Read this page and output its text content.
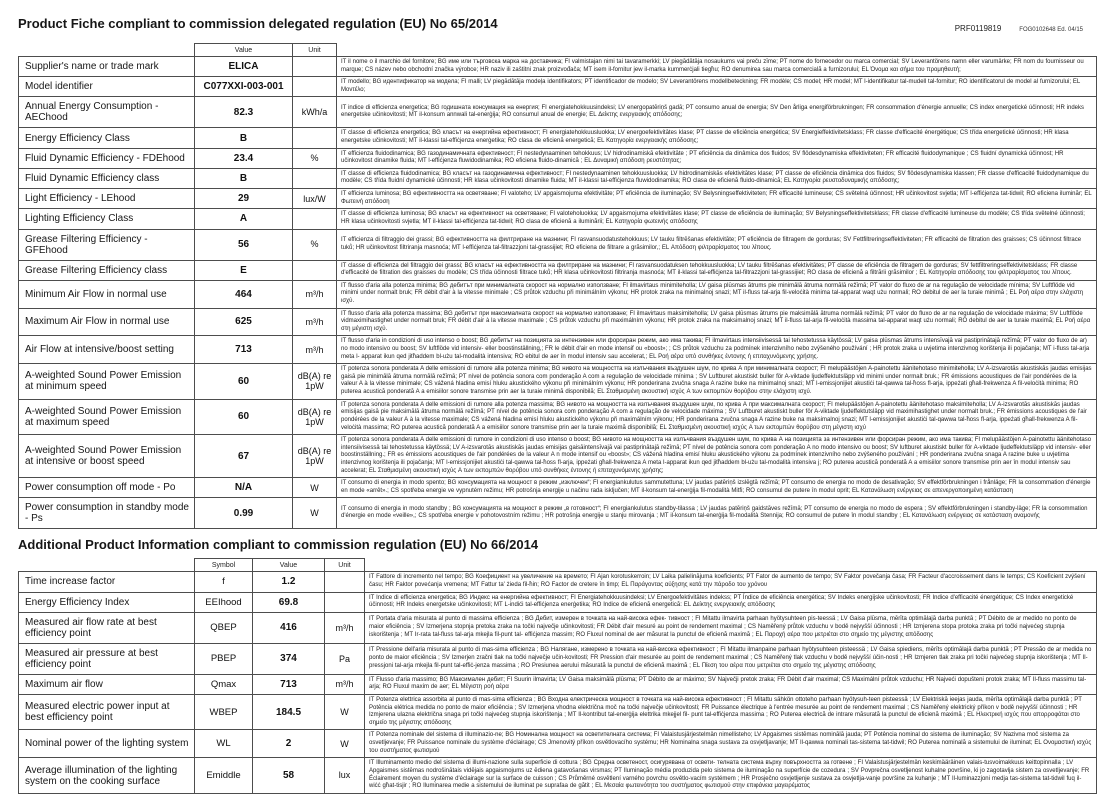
Product Fiche compliant to commission delegated regulation (EU) No 65/2014	PRF0119819	FOG0102648 Ed. 04/15
	Value	Unit	
Supplier's name or trade mark	ELICA		IT il nome o il marchio del fornitore; BG име или търговска марка на доставчика; FI valmistajan nimi tai tavaramerkki; LV piegādātāja nosaukums vai preču zīme; PT nome do fornecedor ou marca comercial; SV Leverantörens namn eller varumärke; FR nom du fournisseur ou marque; CS název nebo obchodní značka výrobce; HR naziv ili zaštitni znak proizvođača; MT isem il-fornitur jew il-marka kummerċjali tiegħu; RO denumirea sau marca comercială a furnizorului; EL Όνομα και σήμα του προμηθευτή;
Model identifier	C077XXI-003-001		IT modello; BG идентификатор на модела; FI malli; LV piegādātāja modeļa identifikators; PT identificador de modelo; SV Leverantörens modellbeteckning; FR modèle; CS model; HR model; MT l-identifikatur tal-mudell tal-fornitur; RO identificatorul de model al furnizorului; EL Μοντέλο;
Annual Energy Consumption - AEChood	82.3	kWh/a	IT indice di efficienza energetica; BG годишната консумация на енергия; FI energiatehokkuusindeksi; LV energopatēriņš gadā; PT consumo anual de energia; SV Den årliga energiförbrukningen; FR consommation d'énergie annuelle; CS index energetické účinnosti; HR indeks energetske učinkovitosti; MT il-konsum annwali tal-enerġija; RO consumul anual de energie; EL Δείκτης ενεργειακής απόδοσης;
Energy Efficiency Class	B		IT classe di efficienza energetica; BG класът на енергийна ефективност; FI energiatehokkuusluokka; LV energoefektivitātes klase; PT classe de eficiência energética; SV Energieffektivitetsklass; FR classe d'efficacité énergétique; CS třída energetické účinnosti; HR klasa energetske učinkovitosti; MT il-klassi tal-effiċjenza enerġetika; RO clasa de eficienă energetică; EL Κατηγορία ενεργειακής απόδοσης;
Fluid Dynamic Efficiency - FDEhood	23.4	%	IT efficienza fluidodinamica; BG газодинамичната ефективност; FI nestedynaaminen tehokkuus; LV hidrodinamiskā efektivitāte ; PT eficiência da dinâmica dos fluidos; SV flödesdynamiska effektiviteten; FR efficacité fluidodymanique ; CS fluidní dynamická účinnost; HR učinkovitost dinamike fluida; MT l-effiċjenza fluwidodinamika; RO eficiena fluido-dinamică ; EL Δυναμική απόδοση ρευστότητας;
Fluid Dynamic Efficiency class	B		IT classe di efficienza fluidodinamica; BG класът на газодинамична ефективност; FI nestedynaaminen tehokkuusluokka; LV hidrodinamiskās efektivitātes klase; PT classe de eficiência dinâmica dos fluidos; SV flödesdynamiska klassen; FR classe d'efficacité fluidodynamique du modèle; CS třída fluidní dynamické účinnosti; HR klasa učinkovitosti dinamike fluida; MT il-klassi tal-effiċjenza fluwidodinamika; RO clasa de eficienă fluido-dinamică; EL Κατηγορία ρευστοδυναμικής απόδοσης;
Light Efficiency - LEhood	29	lux/W	IT efficienza luminosa; BG ефективността на осветяване; FI valoteho; LV apgaismojuma efektivitāte; PT eficiência de iluminação; SV Belysningseffektiviteten; FR efficacité lumineuse; CS světelná účinnost; HR učinkovitost svjetla; MT l-effiċjenza tat-tidwil; RO eficiena iluminăr; EL Φωτεινή απόδοση
Lighting Efficiency Class	A		IT classe di efficienza luminosa; BG класът на ефективност на осветяване; FI valoteholuokka; LV apgaismojuma efektivitātes klase; PT classe de eficiência de iluminação; SV Belysningseffektivitetsklass; FR classe d'efficacité lumineuse du modèle; CS třída světelné účinnosti; HR klasa učinkovitosti svjetla; MT il-klassi tal-effiċjenza tat-tidwil; RO clasa de eficienă a iluminării; EL Κατηγορία φωτεινής απόδοσης
Grease Filtering Efficiency - GFEhood	56	%	IT efficienza di filtraggio dei grassi; BG ефективността на филтриране на мазнини; FI rasvansuodatustehokkuus; LV tauku filtrēšanas efektivitāte; PT eficiência de filtragem de gorduras; SV Fettfiltreringseffektiviteten; FR efficacité de filtration des graisses; CS účinnost filtrace tuků; HR učinkovitost filtriranja masnoća; MT l-effiċjenza tal-filtrazzjoni tal-grassijiet; RO eficiena de filtrare a grăsimilor,; EL Απόδοση φιλτραρίσματος του λίπους.
Grease Filtering Efficiency class	E		IT classe di efficienza del filtraggio dei grassi; BG класът на ефективността на филтриране на мазнини; FI rasvansuodatuksen tehokkuusluokka; LV tauku filtrēšanas efektivitātes; PT classe de eficiência de filtragem de gorduras; SV fettfiltreringseffektivitetsklass; FR classe d'efficacité de filtration des graisses du modèle; CS třída účinnosti filtrace tuků; HR klasa učinkovitosti filtriranja masnoća; MT il-klassi tal-effiċjenza tal-filtrazzjoni tal-grassijiet; RO clasa de eficienă a filtrării grăsimilor ; EL Κατηγορία απόδοσης του φιλτραρίσματος του λίπους.
Minimum Air Flow in normal use	464	m³/h	IT flusso d'aria alla potenza minima; BG дебитът при минималната скорост на нормално използване; FI ilmavirtaus minimiteholla; LV gaisa plūsmas ātrums pie minimālā ātruma normālā režīmā; PT valor do fluxo de ar na regulação de velocidade mínima; SV Luftflöde vid minimi under normalt bruk; FR débit d'air à la vitesse minimale ; CS průtok vzduchu při minimálním výkonu; HR protok zraka na minimalnoj snazi; MT il-fluss tal-arja fil-veloċità minima tal-apparat waqt użu normali; RO debitul de aer la turaie minimă ; EL Ροή αέρα στην ελάχιστη ισχύ.
Maximum Air Flow in normal use	625	m³/h	IT flusso d'aria alla potenza massima; BG дебитът при максималната скорост на нормално използване; FI ilmavirtaus maksimiteholla; LV gaisa plūsmas ātrums pie maksimālā ātruma normālā režīmā; PT valor do fluxo de ar na regulação de velocidade máxima; SV Luftflöde vidmaximihastighet under normalt bruk; FR débit d'air à la vitesse maximale ; CS průtok vzduchu při maximálním výkonu; HR protok zraka na maksimalnoj snazi; MT il-fluss tal-arja fil-veloċità massima tal-apparat waqt użu normali; RO debitul de aer la turaie maximă; EL Ροή αέρα στη μέγιστη ισχύ.
Air Flow at intensive/boost setting	713	m³/h	IT flusso d'aria in condizioni di uso intenso o boost; BG дебитът на позицията за интензивен или форсиран режим, ако има такива; FI ilmavirtaus intensiivisessä tai tehostetussa käytössä; LV gaisa plūsmas ātrums intensīvajā vai pastiprinātajā režīmā; PT valor do fluxo de ar) no modo intensivo ou boost; SV luftflöde vid intensiv- eller boostinställning,; FR le débit d'air en mode intensif ou «boost»; ; CS průtok vzduchu za podmínek intenzivního nebo zvýšeného používání ; HR protok zraka u uvjetima intenzivnog korištenja ili pojačanja; MT i-fluss tal-arja meta l- apparat ikun qed jitħaddem bl-użu tal-modalità intensiva; RO ebitul de aer în modul intensiv sau accelerat,; EL Ροή αέρα υπό συνθήκες έντονης ή επιταχυνόμενης χρήσης.
A-weighted Sound Power Emission at minimum speed	60	dB(A) re 1pW	IT potenza sonora ponderata A delle emissioni di rumore alla potenza minima; BG нивото на мощността на излъчвания въздушен шум, по крива А при минималната скорост; FI melupäästöjen A-painotettu äänitehotaso minimiteholla; LV A-izsvarotās akustiskās jaudas emisijas gaisā pie minimālā ātruma normālā režīmā; PT nível de potência sonora com ponderação A com a regulação de velocidade mínima ; SV Luftburet akustiskt buller för A-viktade ljudeffektutsläpp vid minimi under normalt bruk.; FR émissions acoustiques de l'air pondérées de la valeur A à la vitesse minimale; CS vážená hladina emisí hluku akustického výkonu při minimálním výkonu; HR ponderirana zvučna snaga A razine buke na minimalnoj snazi; MT l-emissjonijiet akustiċi tal-qawwa tal-ħoss fl-arja, ippeżati għall-frekwenza A fil-veloċità minima; RO puterea acustică ponderată A a emisiilor sonore transmise prin aer la turaie minimă disponibilă; EL Σταθμισμένη ακουστική ισχύς A των εκπομπών θορύβου στην ελάχιστη ισχύ.
A-weighted Sound Power Emission at maximum speed	60	dB(A) re 1pW	IT potenza sonora ponderata A delle emissioni di rumore alla potenza massima; BG нивото на мощността на излъчвания въздушен шум, по крива А при максималната скорост; FI melupäästöjen A-painotettu äänitehotaso maksimiteholla; LV A-izsvarotās akustiskās jaudas emisijas gaisā pie maksimālā ātruma normālā režīmā; PT nível de potência sonora com ponderação A com a regulação de velocidade máxima ; SV Luftburet akustiskt buller för A-viktade ljudeffektutsläpp vid maximihastighet under normalt bruk.; FR émissions acoustiques de l'air pondérées de la valeur A à la vitesse maximale; CS vážená hladina emisí hluku akustického výkonu při maximálním výkonu; HR ponderirana zvučna snaga A razine buke na maksimalnoj snazi; MT l-emissjonijiet akustiċi tal-qawwa tal-ħoss fl-arja, ippeżati għall-frekwenza A fil-veloċità massima; RO puterea acustică ponderată A a emisiilor sonore transmise prin aer la turaie maximă disponibilă; EL Σταθμισμένη ακουστική ισχύς A των εκπομπών θορύβου στη μέγιστη ισχύ
A-weighted Sound Power Emission at intensive or boost speed	67	dB(A) re 1pW	IT potenza sonora ponderata A delle emissioni di rumore in condizioni di uso intenso o boost; BG нивото на мощността на излъчвания въздушен шум, по крива А на позицията за интензивен или форсиран режим, ако има такива; FI melupäästöjen A-painotettu äänitehotaso intensiivisessä tai tehostetussa käytössä; LV A-izsvarotās akustiskās jaudas emisijas gaisāintensīvajā vai pastiprinātajā režīmā; PT nível de potência sonora com ponderação A no modo intensivo ou boost; SV luftburet akustiskt buller för A-viktade ljudeffektutsläpp vid intensiv- eller boostinställning.; FR es émissions acoustiques de l'air pondérées de la valeur A n mode intensif ou «boost»; CS vážená hladina emisí hluku akustického výkonu za podmínek intenzivního nebo zvýšeného používání ; HR ponderirana zvučna snaga A razine buke u uvjetima intenzivnog korištenja ili pojačanja; MT l-emissjonijiet akustiċi tal-qawwa tal-ħoss fl-arja, ippeżati għall-frekwenza A meta l-apparat ikun qed jitħaddem bl-użu tal-modalità intensiva j; RO puterea acustică ponderată A a emisiilor sonore transmise prin aer în modul intensiv sau accelerat; EL Σταθμισμένη ακουστική ισχύς A των εκπομπών θορύβου υπό συνθήκες έντονης ή επιταχυνόμενης χρήσης;
Power consumption off mode - Po	N/A	W	IT consumo di energia in modo spento; BG консумацията на мощност в режим „изключен“; FI energiankulutus sammutettuna; LV jaudas patēriņš izslēgtā režīmā; PT consumo de energia no modo de desativação; SV effektförbrukningen i frånläge; FR la consommation d'énergie en mode «arrêt».; CS spotřeba energie ve vypnutém režimu; HR potrošnja energije u načinu rada isključen; MT il-konsum tal-enerġija fil-modalità Mitfi; RO consumul de putere în modul oprit; EL Κατανάλωση ενέργειας σε απενεργοποιημένη κατάσταση
Power consumption in standby mode - Ps	0.99	W	IT consumo di energia in modo standby ; BG консумацията на мощност в режим „в готовност“; FI energiankulutus standby-tilassa ; LV jaudas patēriņš gaidstāves režīmā; PT consumo de energia no modo de espera ; SV effektförbrukningen i standby-läge; FR la consommation d'énergie en mode «veille»,; CS spotřeba energie v pohotovostním režimu ; HR potrošnja energije u stanju mirovanja ; MT il-konsum tal-enerġija fil-modalità Stennija; RO consumul de putere în modul standby ; EL Κατανάλωση ενέργειας σε κατάσταση αναμονής
Additional Product Information compliant to commission regulation (EU) No 66/2014
	Symbol	Value	Unit	
Time increase factor	f	1.2		IT Fattore di incremento nel tempo; BG Коефициент на увеличение на времето; FI Ajan korotuskerroin; LV Laika palielinājuma koeficients; PT Fator de aumento de tempo; SV Faktor povečanja časa; FR Facteur d'accroissement dans le temps; CS Koeficient zvýšení času; HR Faktor povećanja vremena; MT Fattur ta' żieda fil-ħin; RO Factor de cretere în timp; EL Παράγοντας αύξησης κατά την πάροδο του χρόνου
Energy Efficiency Index	EEIhood	69.8		IT Indice di efficienza energetica; BG Индекс на енергийна ефективност; FI Energiatehokkuusindeksi; LV Energoefektivitātes indekss; PT Índice de eficiência energética; SV Indeks energijske učinkovitosti; FR Indice d'efficacité énergétique; CS Index energetické účinnosti; HR Indeks energetske učinkovitosti; MT L-indići tal-effiċjenza enerġetika; RO Indice de eficienă energetică: EL Δείκτης ενεργειακής απόδοσης
Measured air flow rate at best efficiency point	QBEP	416	m³/h	IT Portata d'aria misurata al punto di massima efficienza ; BG Дебит, измерен в точката на най-висока ефек- тивност ; FI Mitattu ilmavirta parhaan hyötysuhteen pis-teessä ; LV Gaisa plūsma, mērīta optimālajā darba punktā ; PT Débito de ar medido no ponto de maior eficiência ; SV Izmerjena stopnja pretoka zraka na točki največje učinkovitosti; FR Débit d'air mesuré au point de rendement maximal ; CS Naměřený průtok vzduchu v bodě nejvyšší účinnosti ; HR Izmjerena stopa protoka zraka pri točki najvećeg stupnja iskorištenja ; MT Ir-rata tal-fluss tal-arja mkejla fil-punt tal- effiċjenza massim; RO Fluxul nominal de aer măsurat la punctul de eficienă maximă ; EL Παροχή αέρα που μετριέται στο σημείο της μέγιστης απόδοσης
Measured air pressure at best efficiency point	PBEP	374	Pa	IT Pressione dell'aria misurata al punto di mas-sima efficienza ; BG Налягане, измерено в точката на най-висока ефективност ; FI Mitattu ilmanpaine parhaan hyötysuhteen pisteessä ; LV Gaisa spiediens, mērīts optimālajā darba punktā ; PT Pressão de ar medida no ponto de maior eficiência ; SV Izmerjen zračni tlak na točki največje učin-kovitosti; FR Pression d'air mesurée au point de rendement maximal ; CS Naměřený tlak vzduchu v bodě nejvyšší účin-nosti ; HR Izmjeren tlak zraka pri točki najvećeg stupnja iskorištenja ; MT Il-pressjoni tal-arja mkejla fil-punt tal-effiċ-jenza massima ; RO Presiunea aerului măsurată la punctul de eficienă maximă ; EL Πίεση του αέρα που μετριέται στο σημείο της μέγιστης απόδοσης
Maximum air flow	Qmax	713	m³/h	IT Flusso d'aria massimo; BG Максимален дебит; FI Suurin ilmavirta; LV Gaisa maksimālā plūsma; PT Débito de ar máximo; SV Največji pretok zraka; FR Débit d'air maximal; CS Maximální průtok vzduchu; HR Najveći dopušteni protok zraka; MT Il-fluss massimu tal-arja; RO Fluxul maxim de aer; EL Μέγιστη ροή αέρα
Measured electric power input at best efficiency point	WBEP	184.5	W	IT Potenza elettrica assorbita al punto di mas-sima efficienza ; BG Входна електрическа мощност в точката на най-висока ефективност ; FI Mitattu sähkön ottoteho parhaan hyötysuh-teen pisteessä ; LV Elektriskā ieejas jauda, mērīta optimālajā darba punktā ; PT Potência elétrica medida no ponto de maior eficiência ; SV Izmerjena vhodna električna moč na točki največje učinkovitosti; FR Puissance électrique à l'entrée mesurée au point de rendement maximal ; CS Naměřený elektrický příkon v bodě nejvyšší účinnosti ; HR Izmjerena ulazna električna snaga pri točki najvećeg stupnja iskorištenja ; MT Il-kontribut tal-enerġija elettrika mkejjel fil- punt tal-effiċjenza massima ; RO Puterea electrică de intrare măsurată la punctul de eficienă maximă ; EL Ηλεκτρική ισχύς που απορροφάται στο σημείο της μέγιστης απόδοσης
Nominal power of the lighting system	WL	2	W	IT Potenza nominale del sistema di illuminazio-ne; BG Номинална мощност на осветителната система; FI Valaistusjärjestelmän nimellisteho; LV Apgaismes sistēmas nominālā jauda; PT Potência nominal do sistema de iluminação; SV Nazivna moč sistema za osvetljevanje; FR Puissance nominale du système d'éclairage; CS Jmenovitý příkon osvětlovacího systému; HR Nominalna snaga sustava za osvjetljavanje; MT Il-qawwa nominali tas-sistema tat-tidwil; RO Puterea nominală a sistemului de iluminat; EL Ονομαστική ισχύς του συστήματος φωτισμού
Average illumination of the lighting system on the cooking surface	Emiddle	58	lux	IT Illuminamento medio del sistema di illumi-nazione sulla superficie di cottura ; BG Средна осветеност, осигурявана от освети- телната система върху повърхността за готвене ; FI Valaistusjärjestelmän keskimääräinen valais-tusvoimakkuus keittopinnalla ; LV Apgaismes sistēmas nodrošinātais vidējais apgaismojums uz ēdiena gatavošanas virsmas; PT Iluminação média produzida pelo sistema de iluminação na superfície de cozedura ; SV Povprečna osvetljenost kuhalne površine, ki jo zagotavlja sistem za osvetljevanje; FR Éclairement moyen du système d'éclairage sur la surface de cuisson ; CS Průměrné osvětlení varného povrchu osvětlo-vacím systémem ; HR Prosječno osvjetljenje sustava za osvjetlja-vanje površine za kuhanje ; MT Il-luminazzjoni medja tas-sistema tat-tidwil fuq il-wiċċ għat-tisjir ; RO Iluminarea medie a sistemului de iluminat pe suprafaa de gătit ; EL Μεσαία φωτεινότητα του συστήματος φωτισμού στην επιφάνεια μαγειρέματος
